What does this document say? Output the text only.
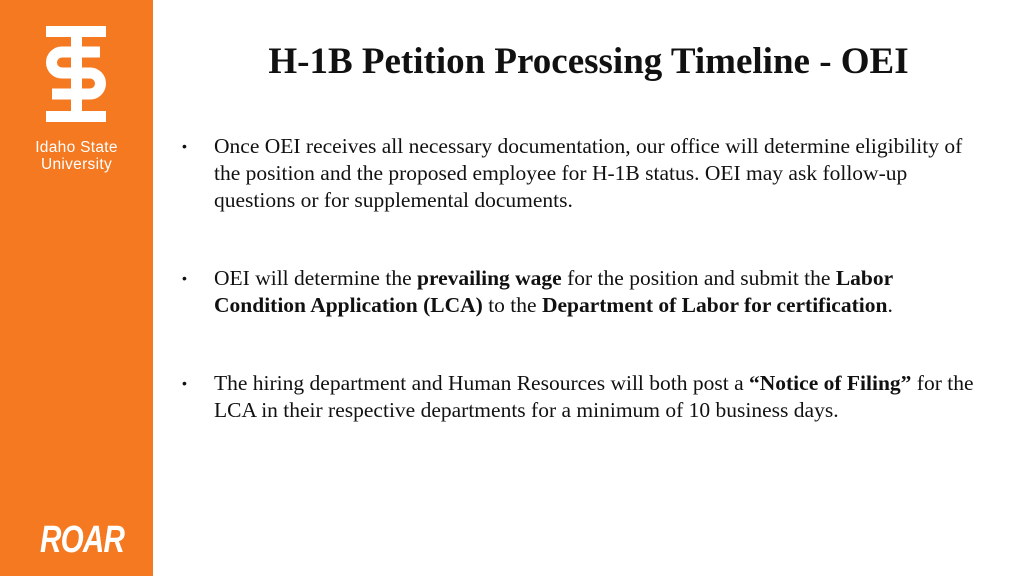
Idaho State
University
ROAR
H-1B Petition Processing Timeline - OEI
• Once OEI receives all necessary documentation, our office will determine eligibility of the position and the proposed employee for H-1B status. OEI may ask follow-up questions or for supplemental documents.
• OEI will determine the prevailing wage for the position and submit the Labor Condition Application (LCA) to the Department of Labor for certification.
• The hiring department and Human Resources will both post a “Notice of Filing” for the LCA in their respective departments for a minimum of 10 business days.
